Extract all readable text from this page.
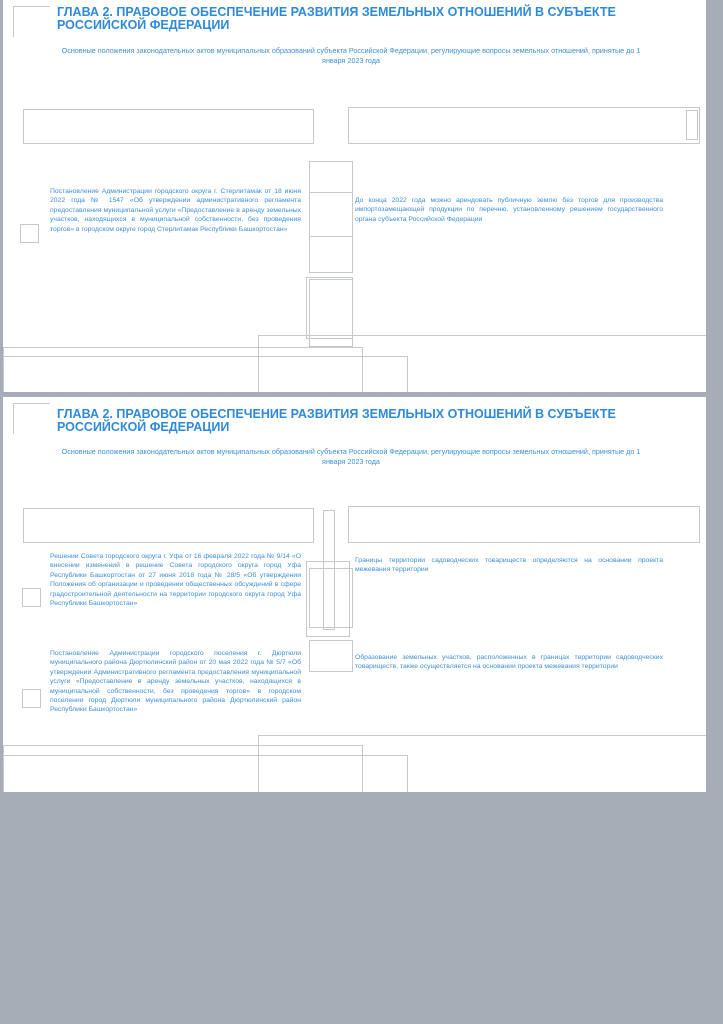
ГЛАВА 2. ПРАВОВОЕ ОБЕСПЕЧЕНИЕ РАЗВИТИЯ ЗЕМЕЛЬНЫХ ОТНОШЕНИЙ В СУБЪЕКТЕ РОССИЙСКОЙ ФЕДЕРАЦИИ
Основные положения законодательных актов муниципальных образований субъекта Российской Федерации, регулирующие вопросы земельных отношений, принятые до 1 января 2023 года
Постановление Администрации городского округа г. Стерлитамак от 18 июня 2022 года № 1547 «Об утверждении административного регламента предоставления муниципальной услуги «Предоставление в аренду земельных участков, находящихся в муниципальной собственности, без проведения торгов» в городском округе город Стерлитамак Республики Башкортостан»
До конца 2022 года можно арендовать публичную землю без торгов для производства импортозамещающей продукции по перечню, установленному решением государственного органа субъекта Российской Федерации
ГЛАВА 2. ПРАВОВОЕ ОБЕСПЕЧЕНИЕ РАЗВИТИЯ ЗЕМЕЛЬНЫХ ОТНОШЕНИЙ В СУБЪЕКТЕ РОССИЙСКОЙ ФЕДЕРАЦИИ
Основные положения законодательных актов муниципальных образований субъекта Российской Федерации, регулирующие вопросы земельных отношений, принятые до 1 января 2023 года
Решении Совета городского округа г. Уфа от 16 февраля 2022 года № 9/14 «О внесении изменений в решение Совета городского округа город Уфа Республики Башкортостан от 27 июня 2018 года № 28/5 «Об утверждении Положения об организации и проведении общественных обсуждений в сфере градостроительной деятельности на территории городского округа город Уфа Республики Башкортостан»
Границы территории садоводческих товариществ определяются на основании проекта межевания территории
Постановление Администрации городского поселения г. Дюртюли муниципального района Дюртюлинский район от 20 мая 2022 года № 5/7 «Об утверждении Административного регламента предоставления муниципальной услуги «Предоставление в аренду земельных участков, находящихся в муниципальной собственности, без проведения торгов» в городском поселении город Дюртюли муниципального района Дюртюлинский район Республики Башкортостан»
Образование земельных участков, расположенных в границах территории садоводческих товариществ, также осуществляется на основании проекта межевания территории
